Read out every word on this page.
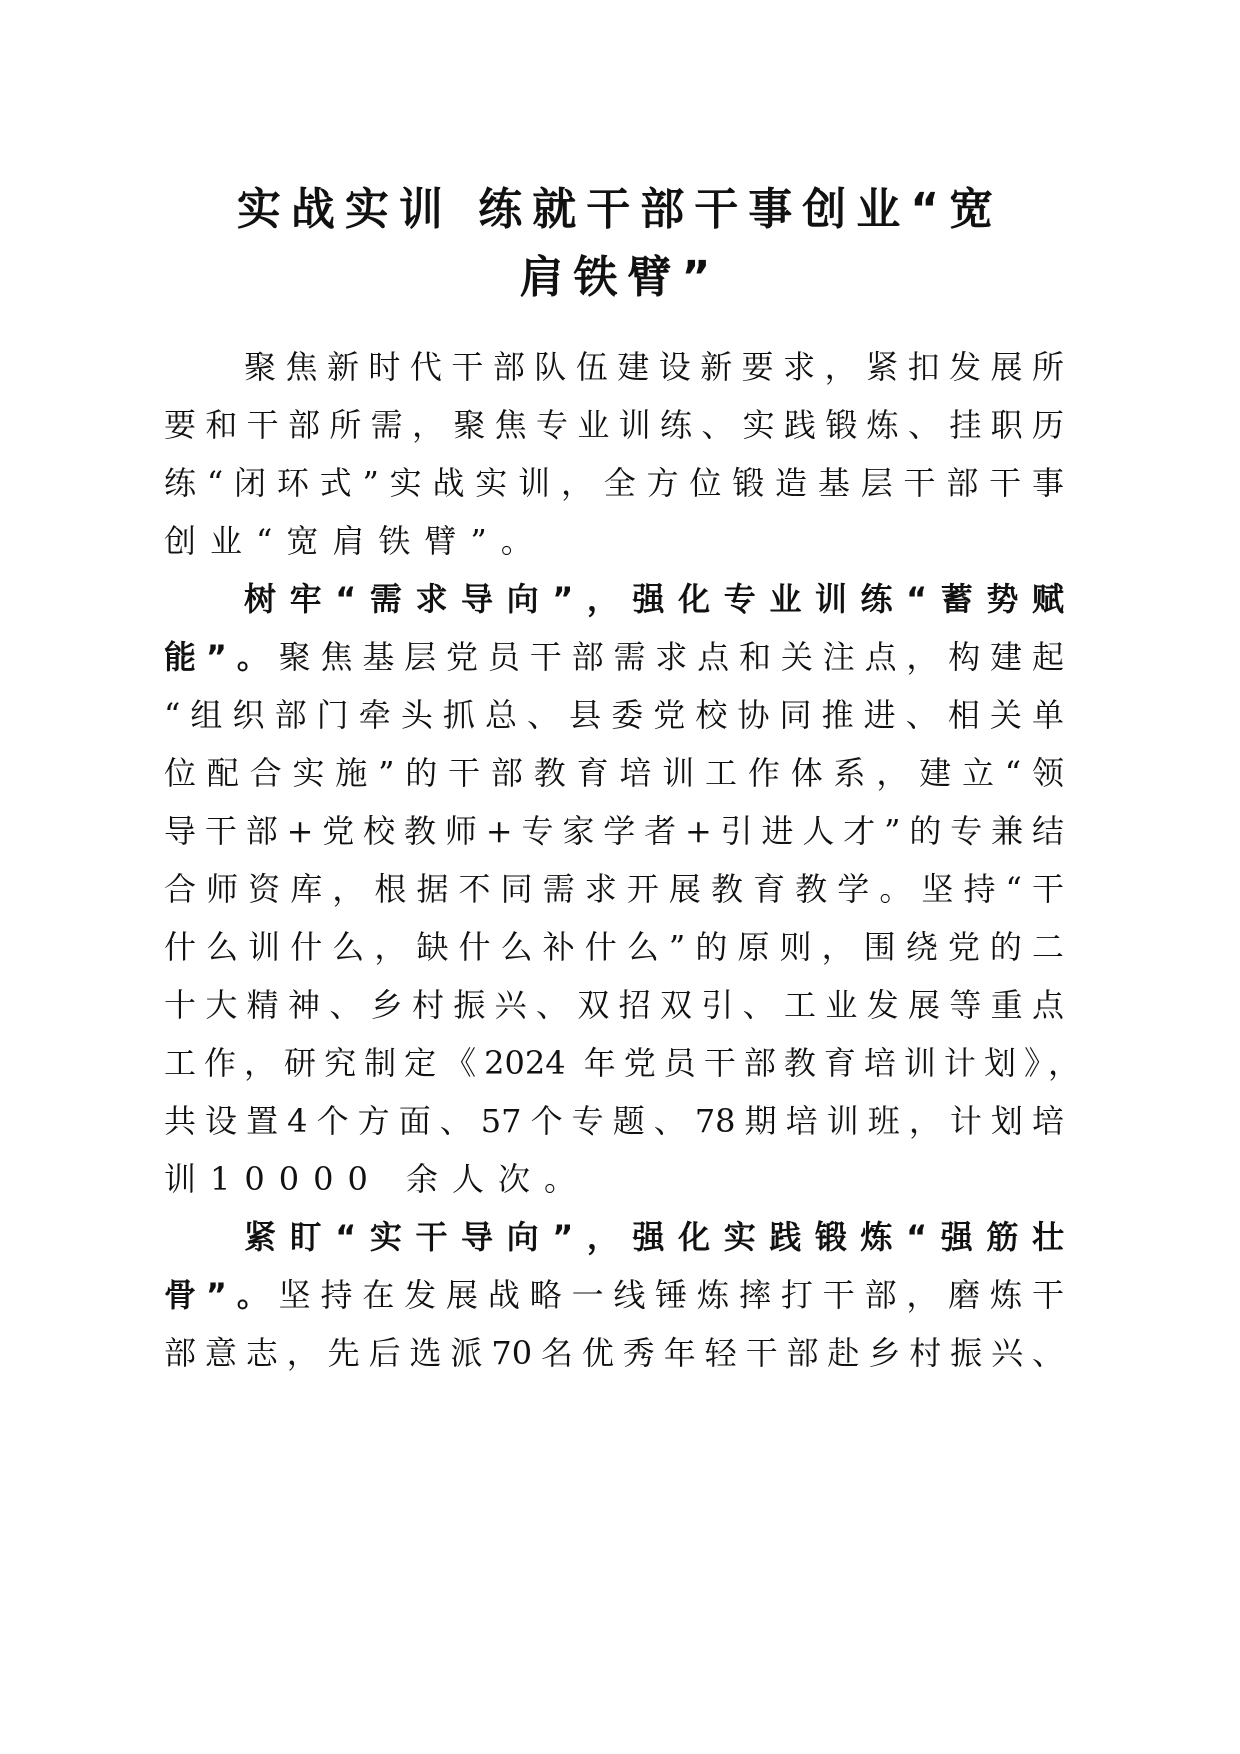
实战实训 练就干部干事创业“宽
肩铁臂”
聚焦新时代干部队伍建设新要求，紧扣发展所
要和干部所需，聚焦专业训练、实践锻炼、挂职历
练“闭环式”实战实训，全方位锻造基层干部干事
创业“宽肩铁臂”。
树牢“需求导向”，强化专业训练“蓄势赋
能”。聚焦基层党员干部需求点和关注点，构建起
“组织部门牵头抓总、县委党校协同推进、相关单
位配合实施”的干部教育培训工作体系，建立“领
导干部+党校教师+专家学者+引进人才”的专兼结
合师资库，根据不同需求开展教育教学。坚持“干
什么训什么，缺什么补什么”的原则，围绕党的二
十大精神、乡村振兴、双招双引、工业发展等重点
工作，研究制定《2024 年党员干部教育培训计划》，
共设置4个方面、57个专题、78期培训班，计划培
训10000 余人次。
紧盯“实干导向”，强化实践锻炼“强筋壮
骨”。坚持在发展战略一线锤炼摔打干部，磨炼干
部意志，先后选派70名优秀年轻干部赴乡村振兴、
